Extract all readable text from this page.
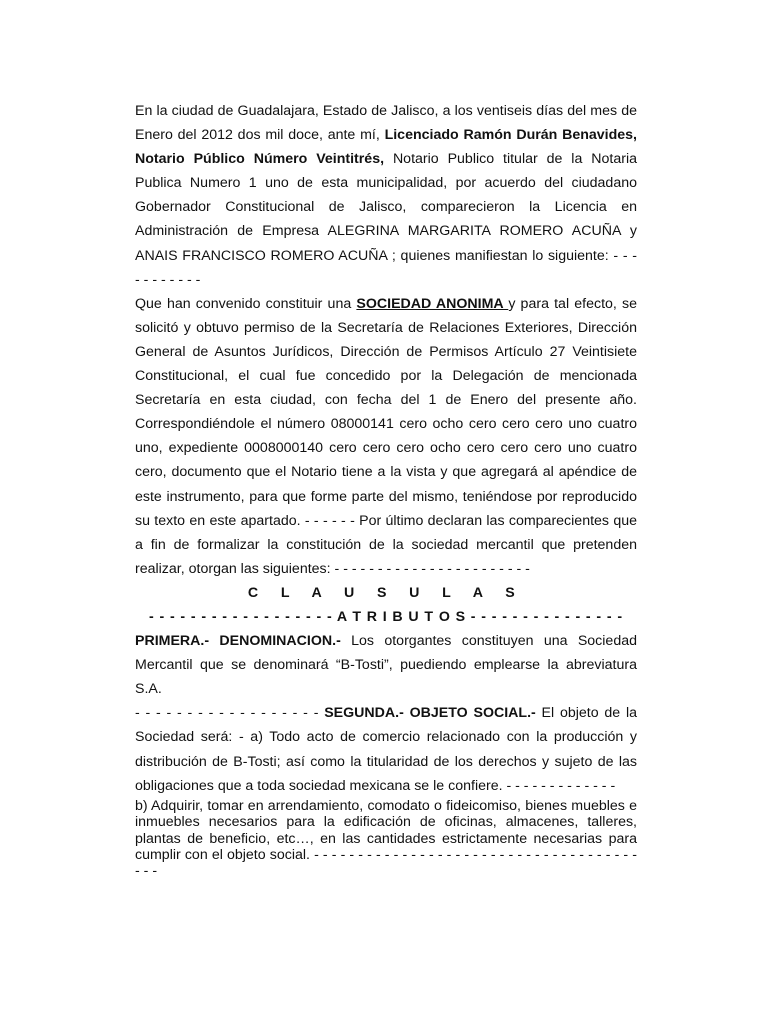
En la ciudad de Guadalajara, Estado de Jalisco, a los ventiseis días del mes de Enero del 2012 dos mil doce, ante mí, Licenciado Ramón Durán Benavides, Notario Público Número Veintitrés, Notario Publico titular de la Notaria Publica Numero 1 uno de esta municipalidad, por acuerdo del ciudadano Gobernador Constitucional de Jalisco, comparecieron la Licencia en Administración de Empresa ALEGRINA MARGARITA ROMERO ACUÑA y ANAIS FRANCISCO ROMERO ACUÑA ; quienes manifiestan lo siguiente: - - - - - - - - - - -

Que han convenido constituir una SOCIEDAD ANONIMA y para tal efecto, se solicitó y obtuvo permiso de la Secretaría de Relaciones Exteriores, Dirección General de Asuntos Jurídicos, Dirección de Permisos Artículo 27 Veintisiete Constitucional, el cual fue concedido por la Delegación de mencionada Secretaría en esta ciudad, con fecha del 1 de Enero del presente año. Correspondiéndole el número 08000141 cero ocho cero cero cero uno cuatro uno, expediente 0008000140 cero cero cero ocho cero cero cero uno cuatro cero, documento que el Notario tiene a la vista y que agregará al apéndice de este instrumento, para que forme parte del mismo, teniéndose por reproducido su texto en este apartado. - - - - - - Por último declaran las comparecientes que a fin de formalizar la constitución de la sociedad mercantil que pretenden realizar, otorgan las siguientes: - - - - - - - - - - - - - - - - - - - - - - -

C L A U S U L A S

- - - - - - - - - - - - - - - - - - A T R I B U T O S - - - - - - - - - - - - - - -

PRIMERA.- DENOMINACION.- Los otorgantes constituyen una Sociedad Mercantil que se denominará “B-Tosti”, puediendo emplearse la abreviatura S.A.

- - - - - - - - - - - - - - - - - - SEGUNDA.- OBJETO SOCIAL.- El objeto de la Sociedad será: - a) Todo acto de comercio relacionado con la producción y distribución de B-Tosti; así como la titularidad de los derechos y sujeto de las obligaciones que a toda sociedad mexicana se le confiere. - - - - - - - - - - - - -

b) Adquirir, tomar en arrendamiento, comodato o fideicomiso, bienes muebles e inmuebles necesarios para la edificación de oficinas, almacenes, talleres, plantas de beneficio, etc…, en las cantidades estrictamente necesarias para cumplir con el objeto social. - - - - - - - - - - - - - - - - - - - - - - - - - - - - - - - - - - - - - - - -
